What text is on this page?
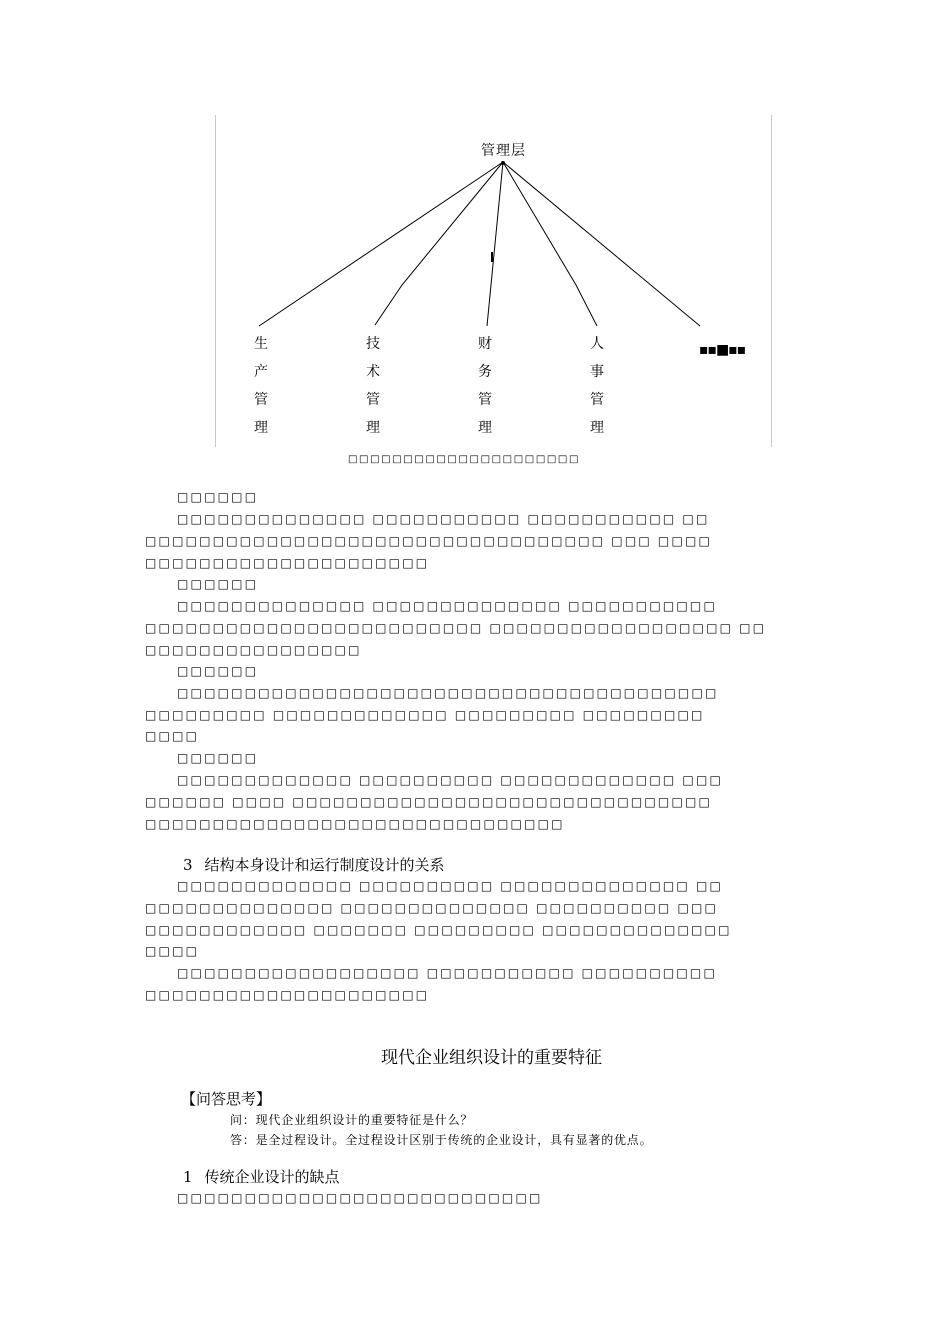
管理层
生
产
管
理
技
术
管
理
财
务
管
理
人
事
管
理
▪▪■▪▪
□□□□□□□□□□□□□□□□□□□□□
□□□□□□
□□□□□□□□□□□□□□ □□□□□□□□□□□ □□□□□□□□□□□ □□
□□□□□□□□□□□□□□□□□□□□□□□□□□□□□□□□□□ □□□ □□□□
□□□□□□□□□□□□□□□□□□□□□
□□□□□□
□□□□□□□□□□□□□□ □□□□□□□□□□□□□□ □□□□□□□□□□□
□□□□□□□□□□□□□□□□□□□□□□□□□ □□□□□□□□□□□□□□□□□□ □□
□□□□□□□□□□□□□□□□
□□□□□□
□□□□□□□□□□□□□□□□□□□□□□□□□□□□□□□□□□□□□□□□
□□□□□□□□□ □□□□□□□□□□□□□ □□□□□□□□□ □□□□□□□□□
□□□□
□□□□□□
□□□□□□□□□□□□□ □□□□□□□□□□ □□□□□□□□□□□□□ □□□
□□□□□□ □□□□ □□□□□□□□□□□□□□□□□□□□□□□□□□□□□□□
□□□□□□□□□□□□□□□□□□□□□□□□□□□□□□□
3 结构本身设计和运行制度设计的关系
□□□□□□□□□□□□□ □□□□□□□□□□ □□□□□□□□□□□□□□ □□
□□□□□□□□□□□□□□ □□□□□□□□□□□□□□ □□□□□□□□□□ □□□
□□□□□□□□□□□□ □□□□□□□ □□□□□□□□□ □□□□□□□□□□□□□□
□□□□
□□□□□□□□□□□□□□□□□□ □□□□□□□□□□□ □□□□□□□□□□
□□□□□□□□□□□□□□□□□□□□□
现代企业组织设计的重要特征
【问答思考】
问：现代企业组织设计的重要特征是什么？
答：是全过程设计。全过程设计区别于传统的企业设计，具有显著的优点。
1 传统企业设计的缺点
□□□□□□□□□□□□□□□□□□□□□□□□□□□
